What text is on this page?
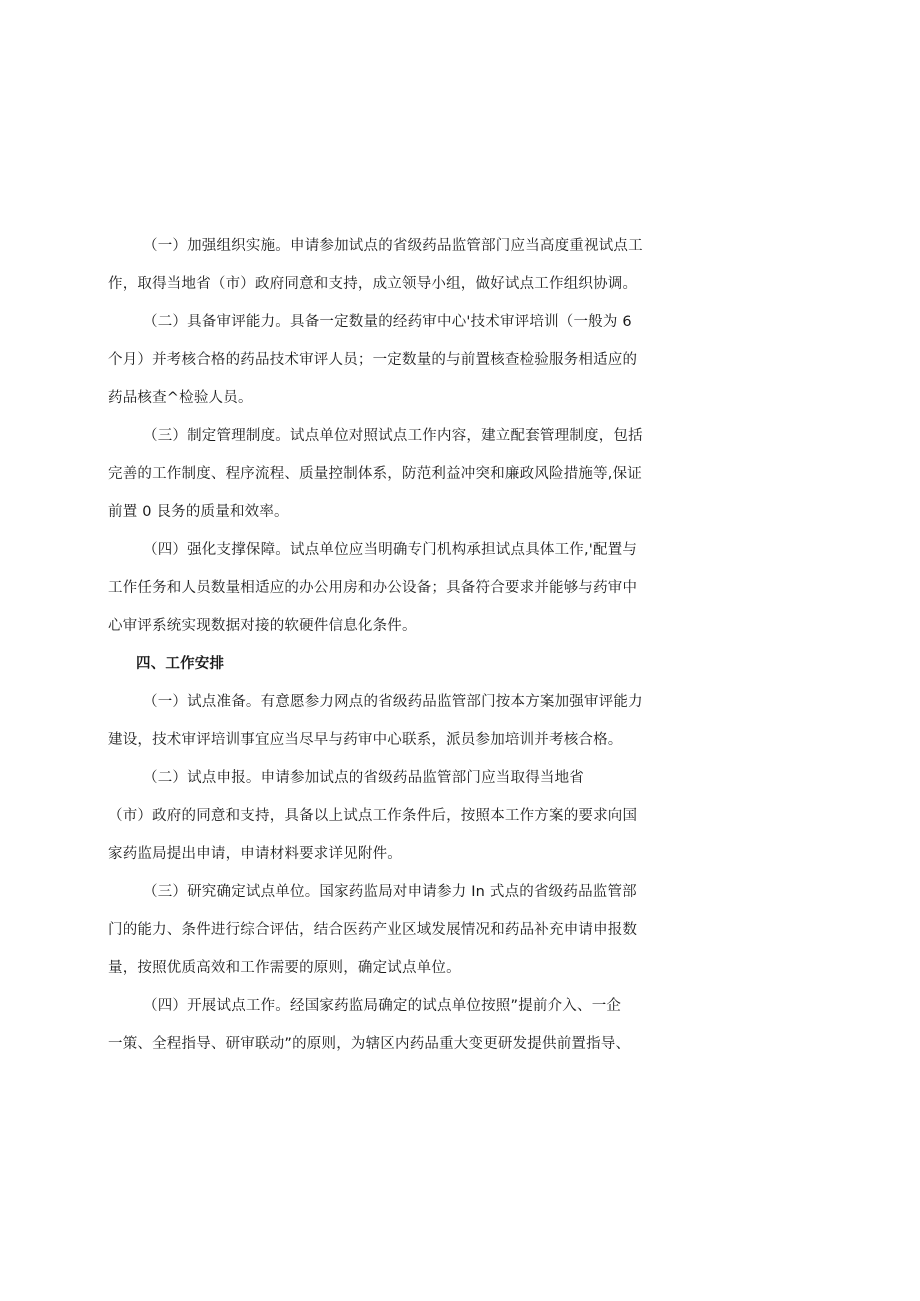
（一）加强组织实施。申请参加试点的省级药品监管部门应当高度重视试点工
作，取得当地省（市）政府同意和支持，成立领导小组，做好试点工作组织协调。
（二）具备审评能力。具备一定数量的经药审中心'技术审评培训（一般为 6
个月）并考核合格的药品技术审评人员；一定数量的与前置核查检验服务相适应的
药品核查^检验人员。
（三）制定管理制度。试点单位对照试点工作内容，建立配套管理制度，包括
完善的工作制度、程序流程、质量控制体系，防范利益冲突和廉政风险措施等,保证
前置 0 艮务的质量和效率。
（四）强化支撑保障。试点单位应当明确专门机构承担试点具体工作,'配置与
工作任务和人员数量相适应的办公用房和办公设备；具备符合要求并能够与药审中
心审评系统实现数据对接的软硬件信息化条件。
四、工作安排
（一）试点准备。有意愿参力网点的省级药品监管部门按本方案加强审评能力
建设，技术审评培训事宜应当尽早与药审中心联系，派员参加培训并考核合格。
（二）试点申报。申请参加试点的省级药品监管部门应当取得当地省
（市）政府的同意和支持，具备以上试点工作条件后，按照本工作方案的要求向国
家药监局提出申请，申请材料要求详见附件。
（三）研究确定试点单位。国家药监局对申请参力 In 式点的省级药品监管部
门的能力、条件进行综合评估，结合医药产业区域发展情况和药品补充申请申报数
量，按照优质高效和工作需要的原则，确定试点单位。
（四）开展试点工作。经国家药监局确定的试点单位按照”提前介入、一企
一策、全程指导、研审联动”的原则，为辖区内药品重大变更研发提供前置指导、
